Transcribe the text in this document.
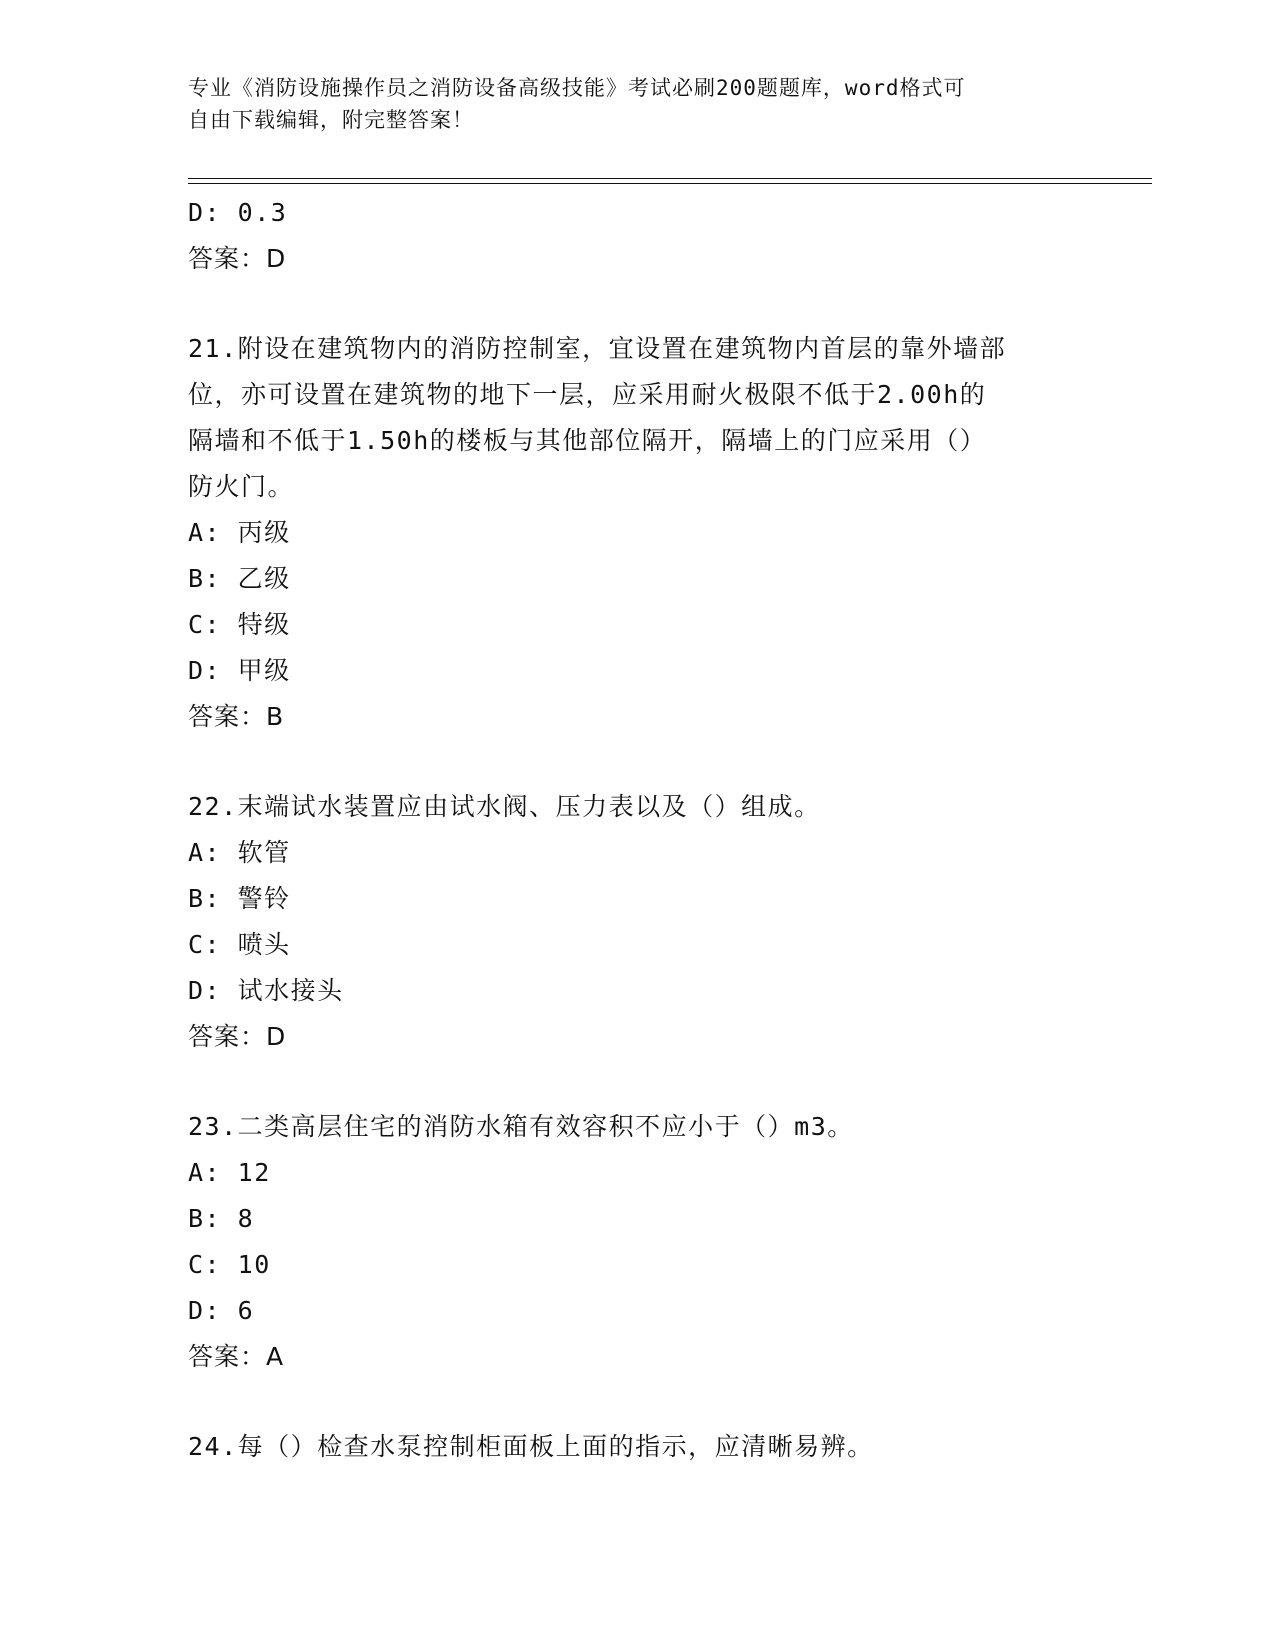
专业《消防设施操作员之消防设备高级技能》考试必刷200题题库，word格式可
自由下载编辑，附完整答案！
D: 0.3
答案：D
21.附设在建筑物内的消防控制室，宜设置在建筑物内首层的靠外墙部
位，亦可设置在建筑物的地下一层，应采用耐火极限不低于2.00h的
隔墙和不低于1.50h的楼板与其他部位隔开，隔墙上的门应采用（）
防火门。
A: 丙级
B: 乙级
C: 特级
D: 甲级
答案：B
22.末端试水装置应由试水阀、压力表以及（）组成。
A: 软管
B: 警铃
C: 喷头
D: 试水接头
答案：D
23.二类高层住宅的消防水箱有效容积不应小于（）m3。
A: 12
B: 8
C: 10
D: 6
答案：A
24.每（）检查水泵控制柜面板上面的指示，应清晰易辨。
